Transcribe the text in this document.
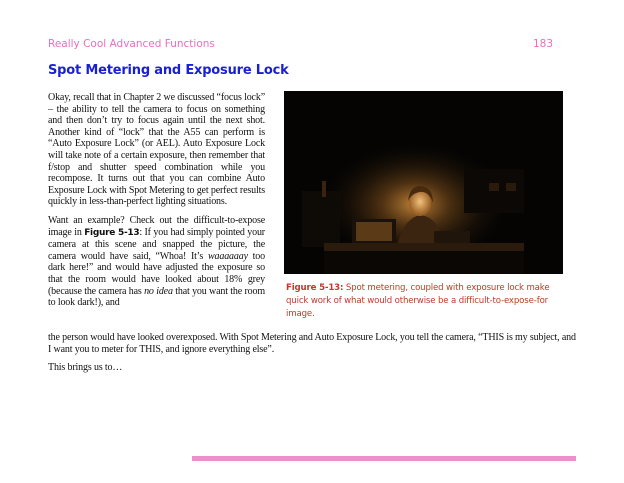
Really Cool Advanced Functions	183
Spot Metering and Exposure Lock

Okay, recall that in Chapter 2 we discussed “focus lock” – the ability to tell the camera to focus on something and then don’t try to focus again until the next shot. Another kind of “lock” that the A55 can perform is “Auto Exposure Lock” (or AEL). Auto Exposure Lock will take note of a certain exposure, then remember that f/stop and shutter speed combination while you recompose. It turns out that you can combine Auto Exposure Lock with Spot Metering to get perfect results quickly in less-than-perfect lighting situations.

Want an example? Check out the difficult-to-expose image in Figure 5-13: If you had simply pointed your camera at this scene and snapped the picture, the camera would have said, “Whoa! It’s waaaaaay too dark here!” and would have adjusted the exposure so that the room would have looked about 18% grey (because the camera has no idea that you want the room to look dark!), and

Figure 5-13: Spot metering, coupled with exposure lock make quick work of what would otherwise be a difficult-to-expose-for image.

the person would have looked overexposed. With Spot Metering and Auto Exposure Lock, you tell the camera, “THIS is my subject, and I want you to meter for THIS, and ignore everything else”.

This brings us to…
